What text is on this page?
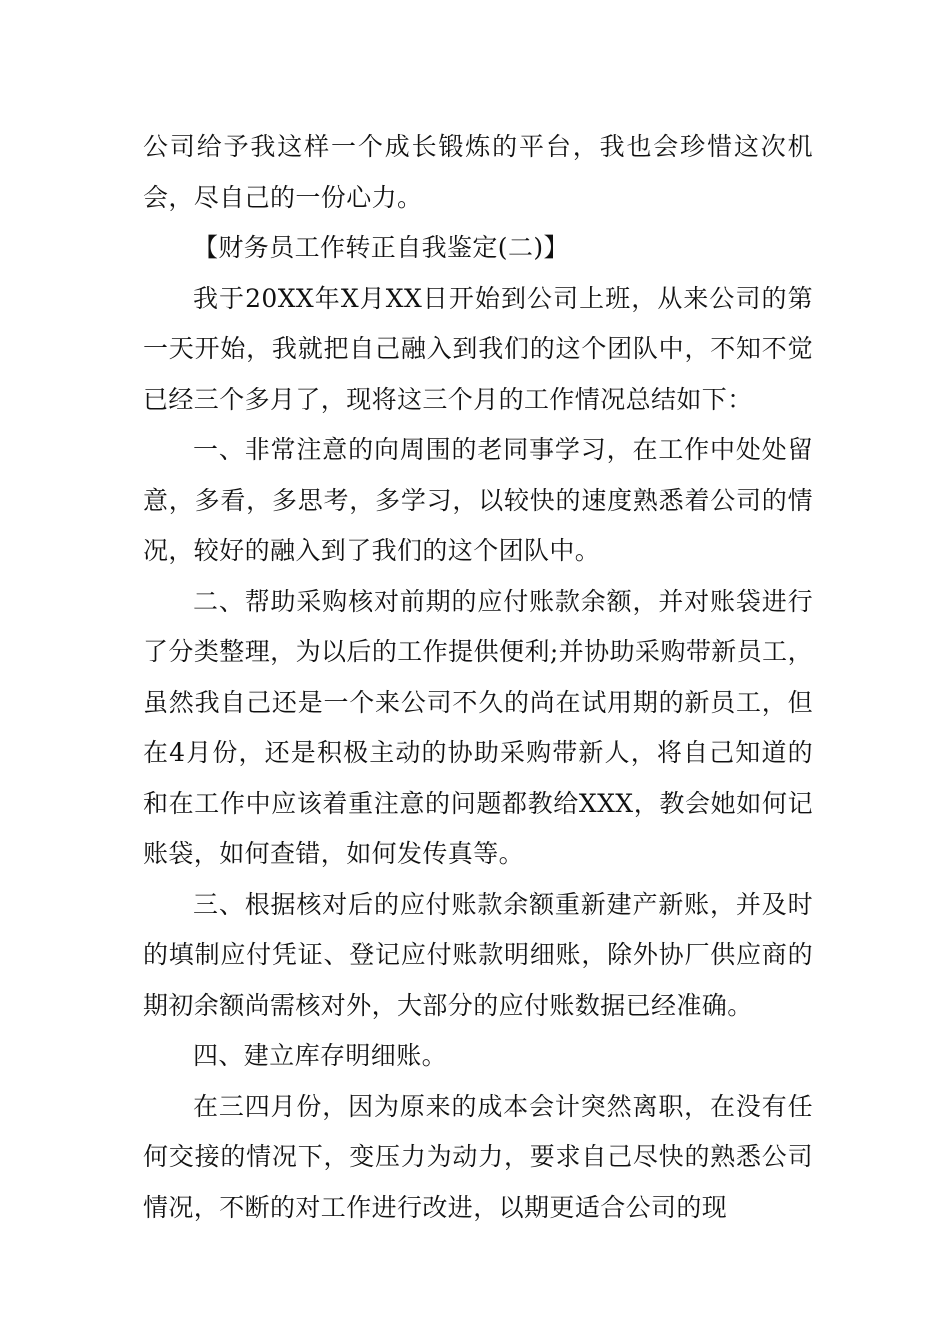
公司给予我这样一个成长锻炼的平台，我也会珍惜这次机会，尽自己的一份心力。

【财务员工作转正自我鉴定(二)】

我于20XX年X月XX日开始到公司上班，从来公司的第一天开始，我就把自己融入到我们的这个团队中，不知不觉已经三个多月了，现将这三个月的工作情况总结如下：

一、非常注意的向周围的老同事学习，在工作中处处留意，多看，多思考，多学习，以较快的速度熟悉着公司的情况，较好的融入到了我们的这个团队中。

二、帮助采购核对前期的应付账款余额，并对账袋进行了分类整理，为以后的工作提供便利;并协助采购带新员工，虽然我自己还是一个来公司不久的尚在试用期的新员工，但在4月份，还是积极主动的协助采购带新人，将自己知道的和在工作中应该着重注意的问题都教给XXX，教会她如何记账袋，如何查错，如何发传真等。

三、根据核对后的应付账款余额重新建产新账，并及时的填制应付凭证、登记应付账款明细账，除外协厂供应商的期初余额尚需核对外，大部分的应付账数据已经准确。

四、建立库存明细账。

在三四月份，因为原来的成本会计突然离职，在没有任何交接的情况下，变压力为动力，要求自己尽快的熟悉公司情况，不断的对工作进行改进，以期更适合公司的现
